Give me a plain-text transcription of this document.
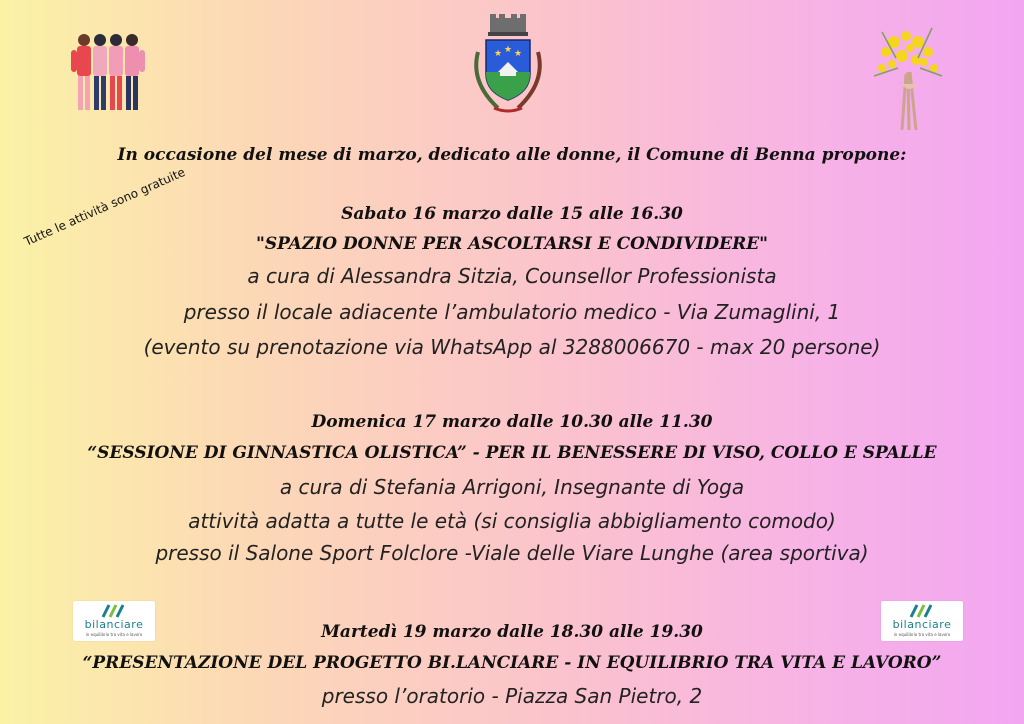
★ ★ ★
In occasione del mese di marzo, dedicato alle donne, il Comune di Benna propone:
Tutte le attività sono gratuite	Sabato 16 marzo dalle 15 alle 16.30
"SPAZIO DONNE PER ASCOLTARSI E CONDIVIDERE"
a cura di Alessandra Sitzia, Counsellor Professionista
presso il locale adiacente l’ambulatorio medico - Via Zumaglini, 1
(evento su prenotazione via WhatsApp al 3288006670 - max 20 persone)
Domenica 17 marzo dalle 10.30 alle 11.30
“SESSIONE DI GINNASTICA OLISTICA” - PER IL BENESSERE DI VISO, COLLO E SPALLE
a cura di Stefania Arrigoni, Insegnante di Yoga
attività adatta a tutte le età (si consiglia abbigliamento comodo)
presso il Salone Sport Folclore -Viale delle Viare Lunghe (area sportiva)
Martedì 19 marzo dalle 18.30 alle 19.30
“PRESENTAZIONE DEL PROGETTO BI.LANCIARE - IN EQUILIBRIO TRA VITA E LAVORO”
presso l’oratorio - Piazza San Pietro, 2
bilanciare
in equilibrio tra vita e lavoro
bilanciare
in equilibrio tra vita e lavoro
